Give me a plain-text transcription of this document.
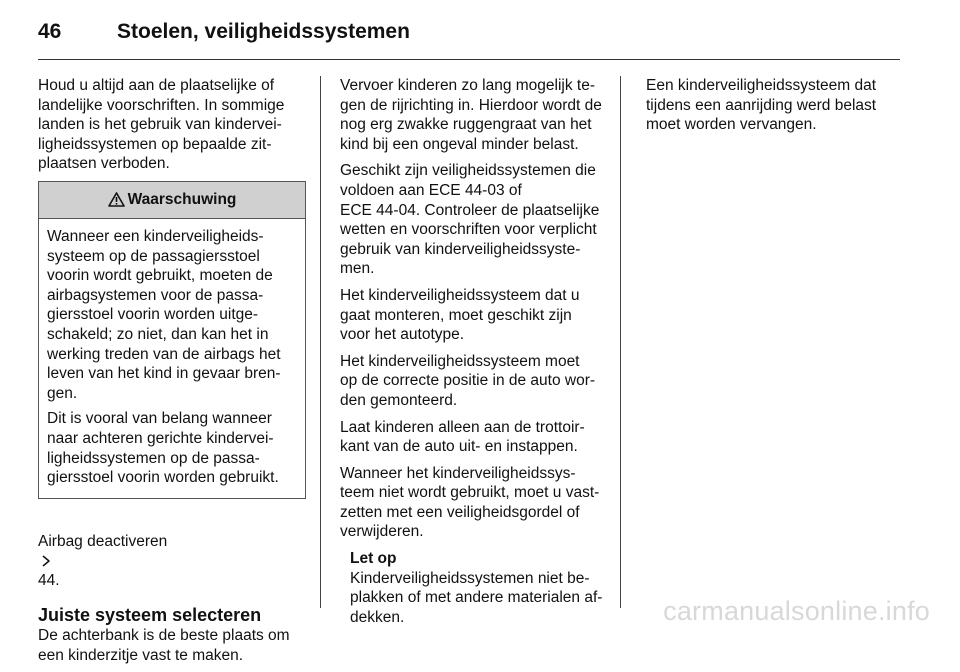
46	Stoelen, veiligheidssystemen

Houd u altijd aan de plaatselijke of
landelijke voorschriften. In sommige
landen is het gebruik van kindervei-
ligheidssystemen op bepaalde zit-
plaatsen verboden.

Waarschuwing

Wanneer een kinderveiligheids-
systeem op de passagiersstoel
voorin wordt gebruikt, moeten de
airbagsystemen voor de passa-
giersstoel voorin worden uitge-
schakeld; zo niet, dan kan het in
werking treden van de airbags het
leven van het kind in gevaar bren-
gen.

Dit is vooral van belang wanneer
naar achteren gerichte kindervei-
ligheidssystemen op de passa-
giersstoel voorin worden gebruikt.

Airbag deactiveren

44.

Juiste systeem selecteren

De achterbank is de beste plaats om
een kinderzitje vast te maken.

Vervoer kinderen zo lang mogelijk te-
gen de rijrichting in. Hierdoor wordt de
nog erg zwakke ruggengraat van het
kind bij een ongeval minder belast.

Geschikt zijn veiligheidssystemen die
voldoen aan ECE 44-03 of
ECE 44-04. Controleer de plaatselijke
wetten en voorschriften voor verplicht
gebruik van kinderveiligheidssyste-
men.

Het kinderveiligheidssysteem dat u
gaat monteren, moet geschikt zijn
voor het autotype.

Het kinderveiligheidssysteem moet
op de correcte positie in de auto wor-
den gemonteerd.

Laat kinderen alleen aan de trottoir-
kant van de auto uit- en instappen.

Wanneer het kinderveiligheidssys-
teem niet wordt gebruikt, moet u vast-
zetten met een veiligheidsgordel of
verwijderen.

Let op

Kinderveiligheidssystemen niet be-
plakken of met andere materialen af-
dekken.

Een kinderveiligheidssysteem dat
tijdens een aanrijding werd belast
moet worden vervangen.

carmanualsonline.info
